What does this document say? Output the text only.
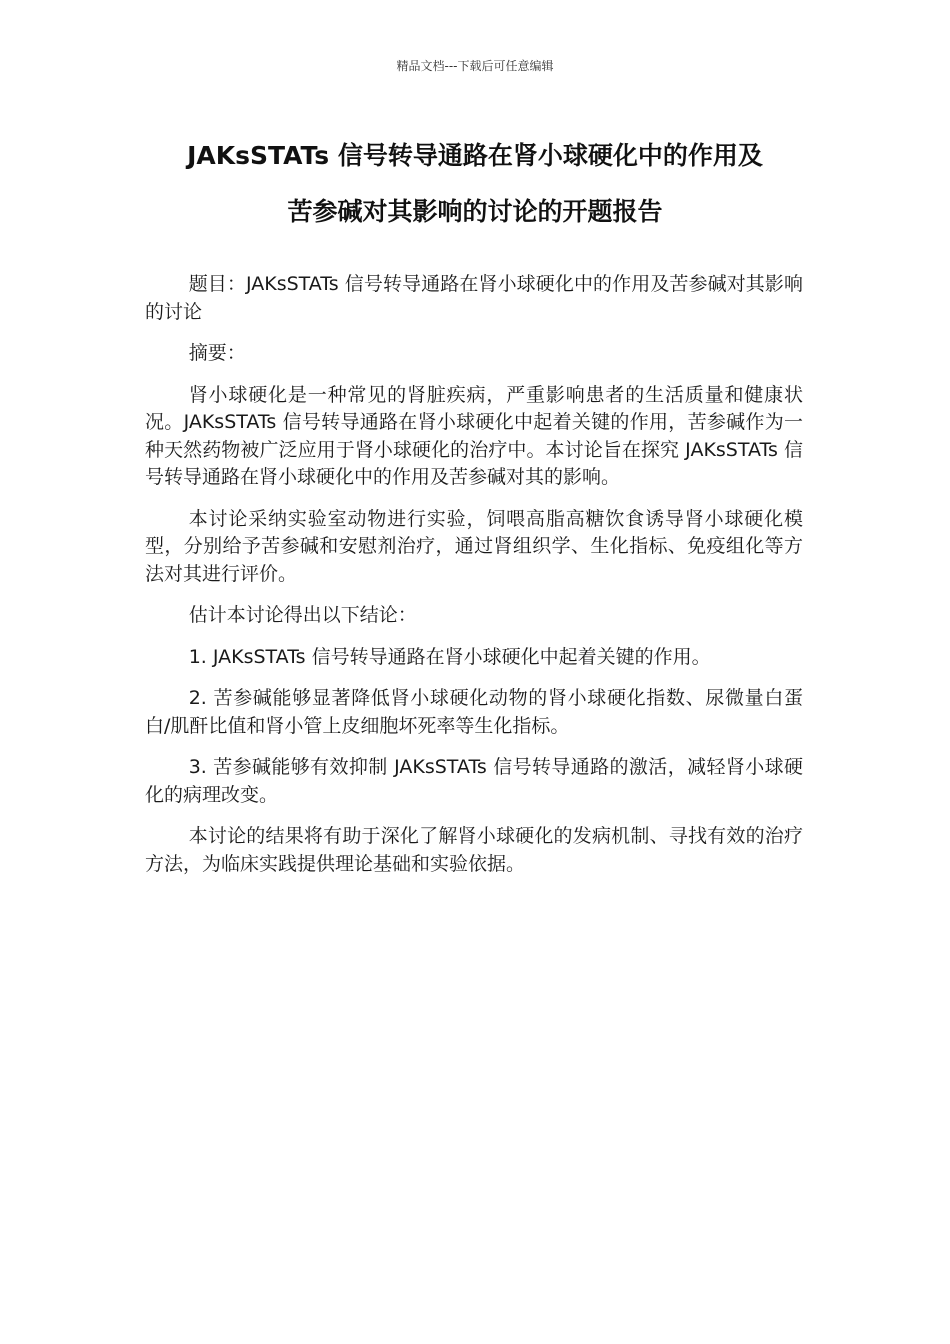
精品文档---下载后可任意编辑
JAKsSTATs 信号转导通路在肾小球硬化中的作用及
苦参碱对其影响的讨论的开题报告

题目：JAKsSTATs 信号转导通路在肾小球硬化中的作用及苦参碱对其影响的讨论

摘要：

肾小球硬化是一种常见的肾脏疾病，严重影响患者的生活质量和健康状况。JAKsSTATs 信号转导通路在肾小球硬化中起着关键的作用，苦参碱作为一种天然药物被广泛应用于肾小球硬化的治疗中。本讨论旨在探究 JAKsSTATs 信号转导通路在肾小球硬化中的作用及苦参碱对其的影响。

本讨论采纳实验室动物进行实验，饲喂高脂高糖饮食诱导肾小球硬化模型，分别给予苦参碱和安慰剂治疗，通过肾组织学、生化指标、免疫组化等方法对其进行评价。

估计本讨论得出以下结论：

1. JAKsSTATs 信号转导通路在肾小球硬化中起着关键的作用。

2. 苦参碱能够显著降低肾小球硬化动物的肾小球硬化指数、尿微量白蛋白/肌酐比值和肾小管上皮细胞坏死率等生化指标。

3. 苦参碱能够有效抑制 JAKsSTATs 信号转导通路的激活，减轻肾小球硬化的病理改变。

本讨论的结果将有助于深化了解肾小球硬化的发病机制、寻找有效的治疗方法，为临床实践提供理论基础和实验依据。
